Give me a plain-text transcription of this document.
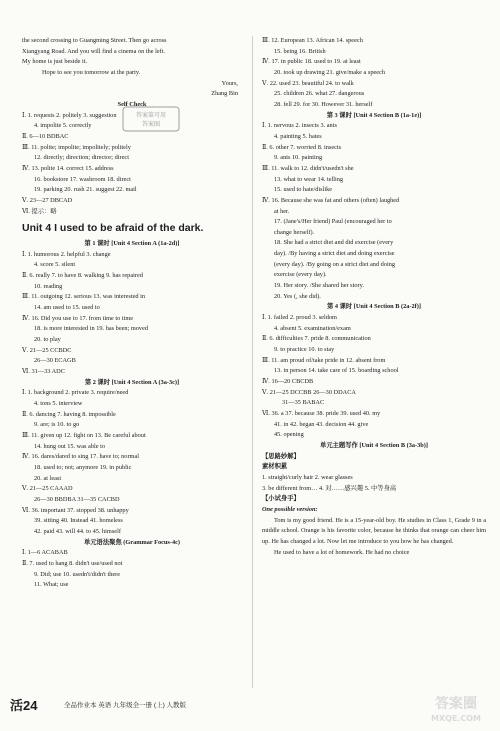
the second crossing to Guangming Street. Then go across
Xiangyang Road. And you will find a cinema on the left.
My home is just beside it.
Hope to see you tomorrow at the party.
Yours,
Zhang Bin
Self Check
Ⅰ. 1. requests 2. politely 3. suggestion
4. impolite 5. correctly
Ⅱ. 6—10 BDBAC
Ⅲ. 11. polite; impolite; impolitely; politely
12. directly; direction; director; direct
Ⅳ. 13. polite 14. correct 15. address
16. bookstore 17. washroom 18. direct
19. parking 20. rush 21. suggest 22. mail
Ⅴ. 23—27 DBCAD
Ⅵ. 提示：略
Unit 4 I used to be afraid of the dark.
第 1 课时 [Unit 4 Section A (1a-2d)]
Ⅰ. 1. humorous 2. helpful 3. change
4. score 5. silent
Ⅱ. 6. really 7. to have 8. walking 9. has repaired
10. reading
Ⅲ. 11. outgoing 12. serious 13. was interested in
14. am used to 15. used to
Ⅳ. 16. Did you use to 17. from time to time
18. is more interested in 19. has been; moved
20. to play
Ⅴ. 21—25 CCBDC
26—30 ECAGB
Ⅵ. 31—33 ADC
第 2 课时 [Unit 4 Section A (3a-3c)]
Ⅰ. 1. background 2. private 3. require/need
4. tons 5. interview
Ⅱ. 6. dancing 7. having 8. impossible
9. are; is 10. to go
Ⅲ. 11. given up 12. fight on 13. Be careful about
14. hung out 15. was able to
Ⅳ. 16. dares/dared to sing 17. have to; normal
18. used to; not; anymore 19. in public
20. at least
Ⅴ. 21—25 CAAAD
26—30 BBDBA 31—35 CACBD
Ⅵ. 36. important 37. stopped 38. unhappy
39. sitting 40. Instead 41. homeless
42. paid 43. will 44. to 45. himself
单元语法聚焦 (Grammar Focus-4c)
Ⅰ. 1—6 ACABAB
Ⅱ. 7. used to hang 8. didn't use/used not
9. Did; use 10. usedn't/didn't there
11. What; use
Ⅲ. 12. European 13. African 14. speech
15. being 16. British
Ⅳ. 17. in public 18. used to 19. at least
20. took up drawing 21. give/make a speech
Ⅴ. 22. used 23. beautiful 24. to walk
25. children 26. what 27. dangerous
28. fell 29. for 30. However 31. herself
第 3 课时 [Unit 4 Section B (1a-1e)]
Ⅰ. 1. nervous 2. insects 3. ants
4. painting 5. hates
Ⅱ. 6. other 7. worried 8. insects
9. ants 10. painting
Ⅲ. 11. walk to 12. didn't/usedn't she
13. what to wear 14. telling
15. used to hate/dislike
Ⅳ. 16. Because she was fat and others (often) laughed
at her.
17. (Jane's/Her friend) Paul (encouraged her to
change herself).
18. She had a strict diet and did exercise (every
day). /By having a strict diet and doing exercise
(every day). /By going on a strict diet and doing
exercise (every day).
19. Her story. /She shared her story.
20. Yes (, she did).
第 4 课时 [Unit 4 Section B (2a-2f)]
Ⅰ. 1. failed 2. proud 3. seldom
4. absent 5. examination/exam
Ⅱ. 6. difficulties 7. pride 8. communication
9. to practice 10. to stay
Ⅲ. 11. am proud of/take pride in 12. absent from
13. in person 14. take care of 15. boarding school
Ⅳ. 16—20 CBCDB
Ⅴ. 21—25 DCCBB 26—30 DDACA
31—35 BABAC
Ⅵ. 36. a 37. because 38. pride 39. used 40. my
41. in 42. began 43. decision 44. give
45. opening
单元主题写作 [Unit 4 Section B (3a-3b)]
【思路妙解】
素材积累
1. straight/curly hair 2. wear glasses
3. be different from… 4. 对……感兴趣 5. 中等身高
【小试身手】
One possible version:
Tom is my good friend. He is a 15-year-old boy. He studies in Class 1, Grade 9 in a middle school. Orange is his favorite color, because he thinks that orange can cheer him up. He has changed a lot. Now let me introduce to you how he has changed.
He used to have a lot of homework. He had no choice
答案第可用
答案圈
活24	全品作业本 英语 九年级全一册 (上) 人教版	答案圈
MXQE.COM
